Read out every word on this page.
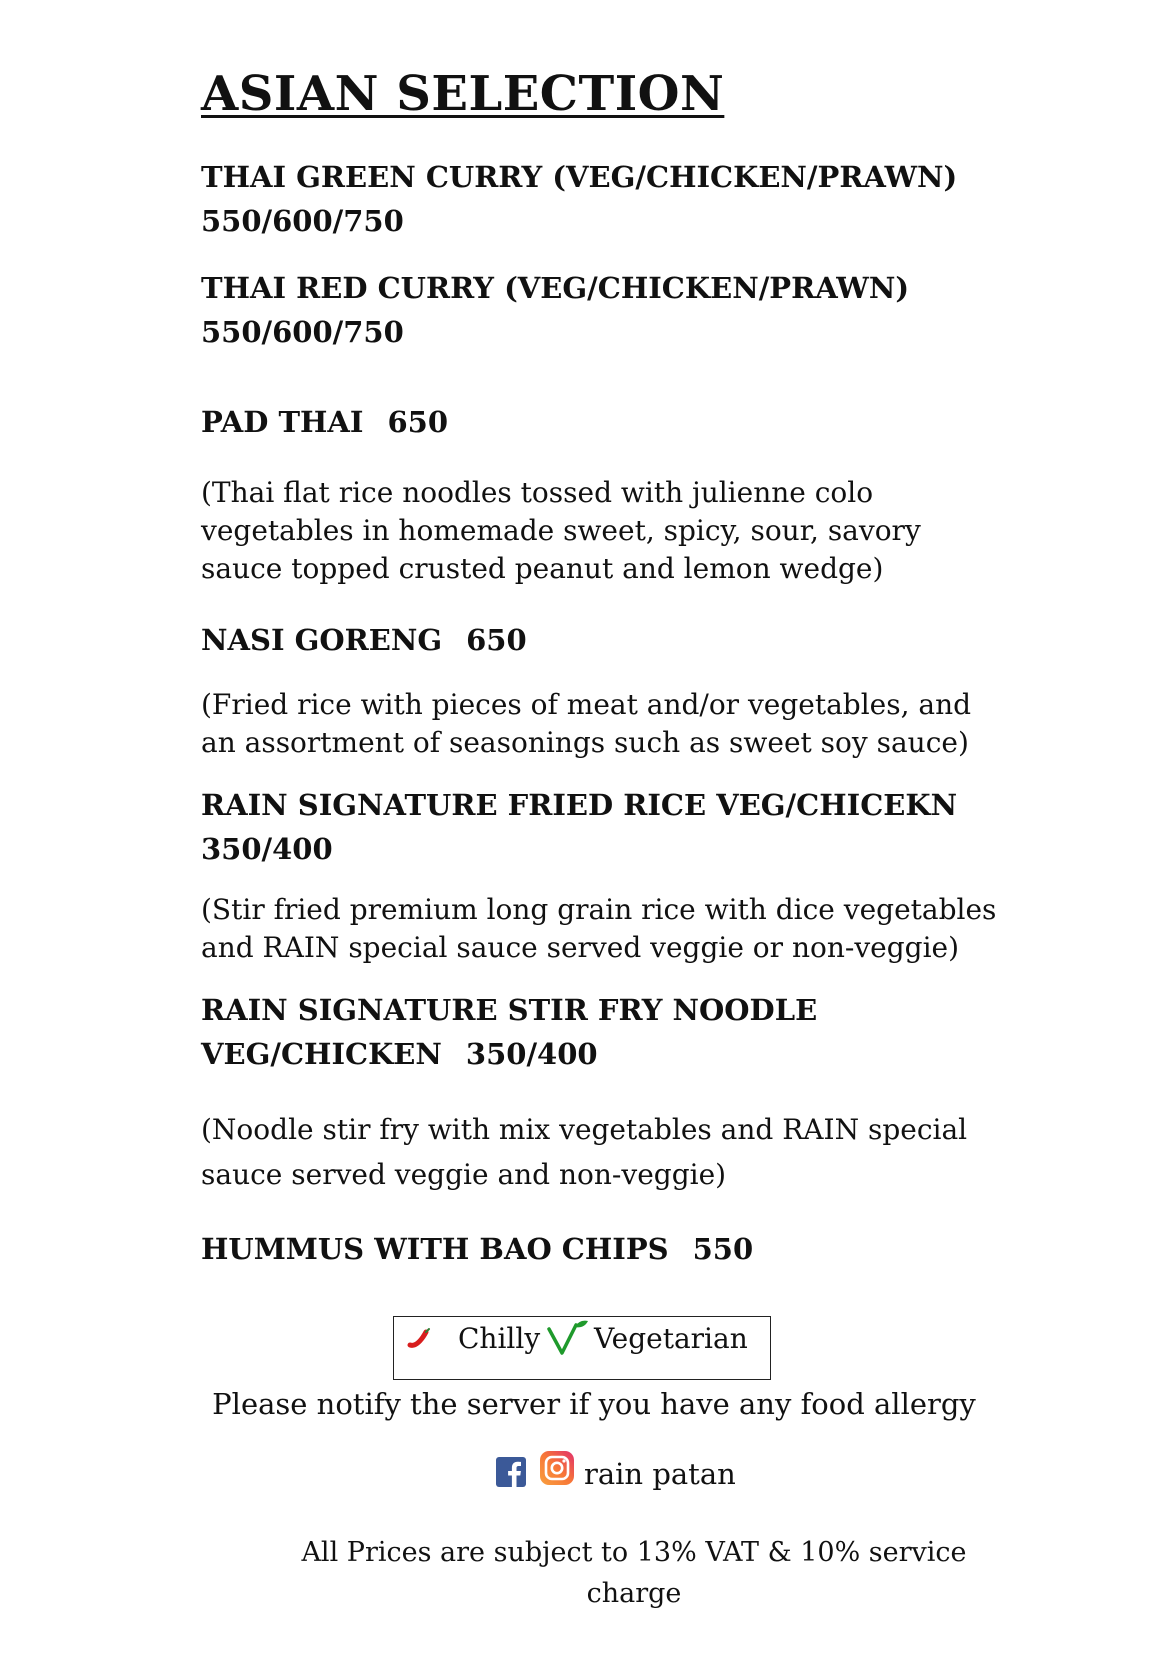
ASIAN SELECTION
THAI GREEN CURRY (VEG/CHICKEN/PRAWN)
550/600/750
THAI RED CURRY (VEG/CHICKEN/PRAWN)
550/600/750
PAD THAI 650
(Thai flat rice noodles tossed with julienne colo
vegetables in homemade sweet, spicy, sour, savory
sauce topped crusted peanut and lemon wedge)
NASI GORENG 650
(Fried rice with pieces of meat and/or vegetables, and
an assortment of seasonings such as sweet soy sauce)
RAIN SIGNATURE FRIED RICE VEG/CHICEKN
350/400
(Stir fried premium long grain rice with dice vegetables
and RAIN special sauce served veggie or non-veggie)
RAIN SIGNATURE STIR FRY NOODLE
VEG/CHICKEN 350/400
(Noodle stir fry with mix vegetables and RAIN special
sauce served veggie and non-veggie)
HUMMUS WITH BAO CHIPS 550
Chilly Vegetarian
Please notify the server if you have any food allergy
rain patan
All Prices are subject to 13% VAT & 10% service
charge
